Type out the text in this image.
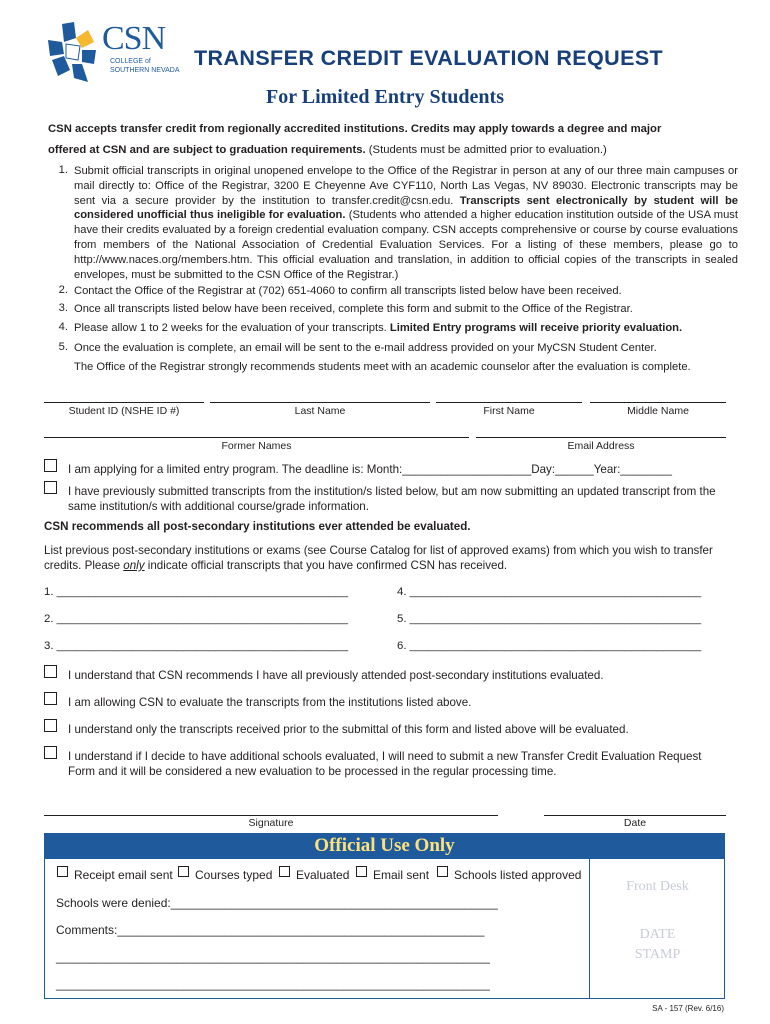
CSN
COLLEGE of
SOUTHERN NEVADA
TRANSFER CREDIT EVALUATION REQUEST
For Limited Entry Students
CSN accepts transfer credit from regionally accredited institutions. Credits may apply towards a degree and major
offered at CSN and are subject to graduation requirements. (Students must be admitted prior to evaluation.)
1. Submit official transcripts in original unopened envelope to the Office of the Registrar in person at any of our three main campuses or mail directly to: Office of the Registrar, 3200 E Cheyenne Ave CYF110, North Las Vegas, NV 89030. Electronic transcripts may be sent via a secure provider by the institution to transfer.credit@csn.edu. Transcripts sent electronically by student will be considered unofficial thus ineligible for evaluation. (Students who attended a higher education institution outside of the USA must have their credits evaluated by a foreign credential evaluation company. CSN accepts comprehensive or course by course evaluations from members of the National Association of Credential Evaluation Services. For a listing of these members, please go to http://www.naces.org/members.htm. This official evaluation and translation, in addition to official copies of the transcripts in sealed envelopes, must be submitted to the CSN Office of the Registrar.)
2. Contact the Office of the Registrar at (702) 651-4060 to confirm all transcripts listed below have been received.
3. Once all transcripts listed below have been received, complete this form and submit to the Office of the Registrar.
4. Please allow 1 to 2 weeks for the evaluation of your transcripts. Limited Entry programs will receive priority evaluation.
5. Once the evaluation is complete, an email will be sent to the e-mail address provided on your MyCSN Student Center.
The Office of the Registrar strongly recommends students meet with an academic counselor after the evaluation is complete.
Student ID (NSHE ID #)	Last Name	First Name	Middle Name
Former Names	Email Address
I am applying for a limited entry program. The deadline is: Month:____________________Day:______Year:________
I have previously submitted transcripts from the institution/s listed below, but am now submitting an updated transcript from the same institution/s with additional course/grade information.
CSN recommends all post-secondary institutions ever attended be evaluated.
List previous post-secondary institutions or exams (see Course Catalog for list of approved exams) from which you wish to transfer credits. Please only indicate official transcripts that you have confirmed CSN has received.
1. ______________________________________________
2. ______________________________________________
3. ______________________________________________
4. ______________________________________________
5. ______________________________________________
6. ______________________________________________
I understand that CSN recommends I have all previously attended post-secondary institutions evaluated.
I am allowing CSN to evaluate the transcripts from the institutions listed above.
I understand only the transcripts received prior to the submittal of this form and listed above will be evaluated.
I understand if I decide to have additional schools evaluated, I will need to submit a new Transfer Credit Evaluation Request Form and it will be considered a new evaluation to be processed in the regular processing time.
Signature	Date
Official Use Only
Receipt email sent Courses typed Evaluated Email sent Schools listed approved
Schools were denied:_________________________________________________
Comments:_______________________________________________________
_________________________________________________________________
_________________________________________________________________
Front Desk
DATE
STAMP
SA - 157 (Rev. 6/16)
